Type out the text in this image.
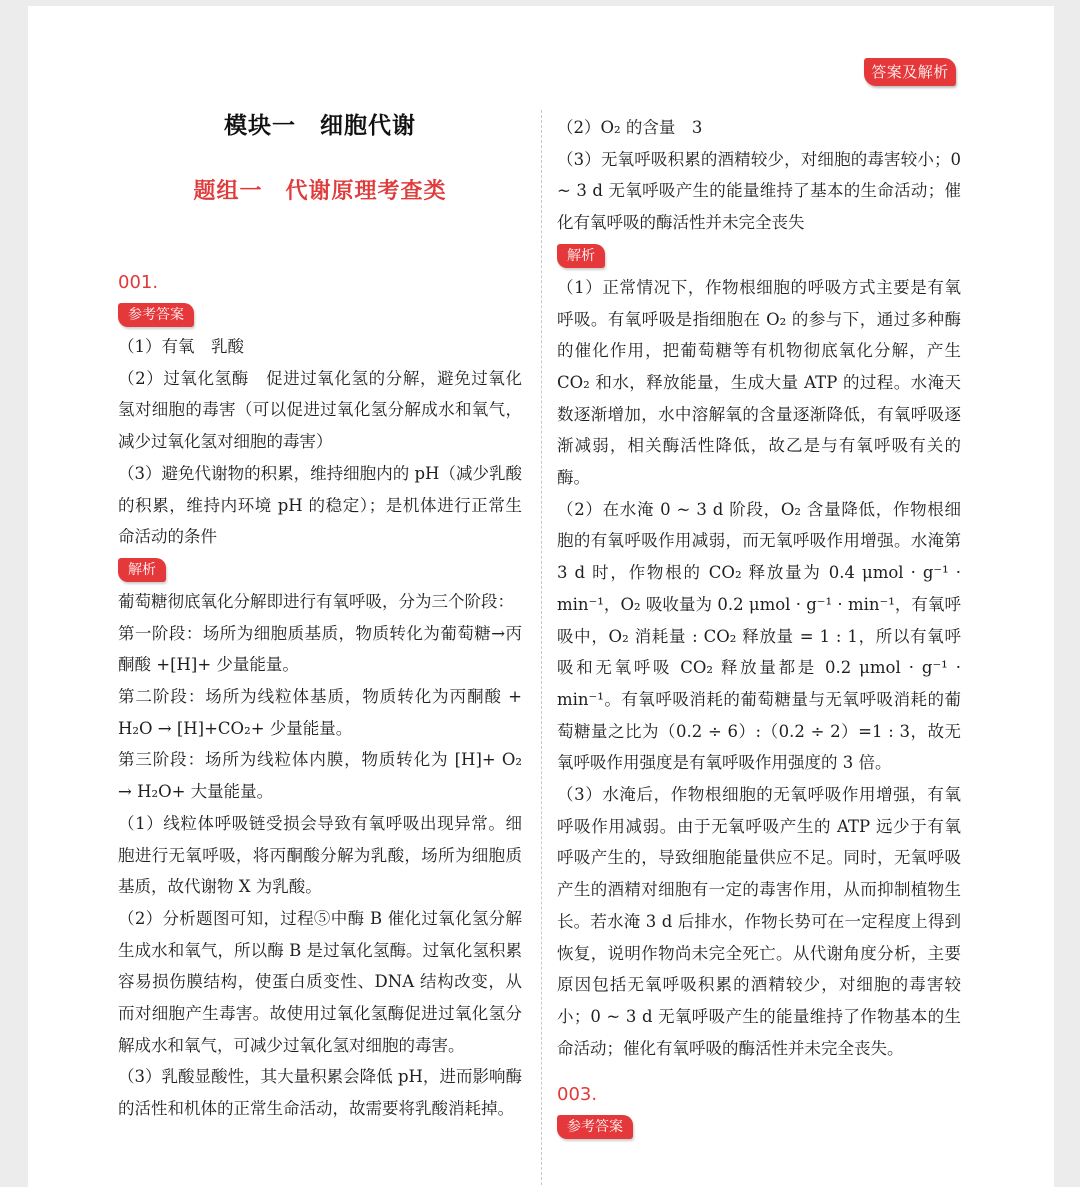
答案及解析
模块一　细胞代谢
题组一　代谢原理考查类
001.
参考答案

（1）有氧　乳酸

（2）过氧化氢酶　促进过氧化氢的分解，避免过氧化氢对细胞的毒害（可以促进过氧化氢分解成水和氧气，减少过氧化氢对细胞的毒害）

（3）避免代谢物的积累，维持细胞内的 pH（减少乳酸的积累，维持内环境 pH 的稳定）；是机体进行正常生命活动的条件

解析

葡萄糖彻底氧化分解即进行有氧呼吸，分为三个阶段：

第一阶段：场所为细胞质基质，物质转化为葡萄糖→丙酮酸 +[H]+ 少量能量。

第二阶段：场所为线粒体基质，物质转化为丙酮酸 + H₂O → [H]+CO₂+ 少量能量。

第三阶段：场所为线粒体内膜，物质转化为 [H]+ O₂ → H₂O+ 大量能量。

（1）线粒体呼吸链受损会导致有氧呼吸出现异常。细胞进行无氧呼吸，将丙酮酸分解为乳酸，场所为细胞质基质，故代谢物 X 为乳酸。

（2）分析题图可知，过程⑤中酶 B 催化过氧化氢分解生成水和氧气，所以酶 B 是过氧化氢酶。过氧化氢积累容易损伤膜结构，使蛋白质变性、DNA 结构改变，从而对细胞产生毒害。故使用过氧化氢酶促进过氧化氢分解成水和氧气，可减少过氧化氢对细胞的毒害。

（3）乳酸显酸性，其大量积累会降低 pH，进而影响酶的活性和机体的正常生命活动，故需要将乳酸消耗掉。

（2）O₂ 的含量　3

（3）无氧呼吸积累的酒精较少，对细胞的毒害较小；0 ~ 3 d 无氧呼吸产生的能量维持了基本的生命活动；催化有氧呼吸的酶活性并未完全丧失

解析

（1）正常情况下，作物根细胞的呼吸方式主要是有氧呼吸。有氧呼吸是指细胞在 O₂ 的参与下，通过多种酶的催化作用，把葡萄糖等有机物彻底氧化分解，产生 CO₂ 和水，释放能量，生成大量 ATP 的过程。水淹天数逐渐增加，水中溶解氧的含量逐渐降低，有氧呼吸逐渐减弱，相关酶活性降低，故乙是与有氧呼吸有关的酶。

（2）在水淹 0 ~ 3 d 阶段，O₂ 含量降低，作物根细胞的有氧呼吸作用减弱，而无氧呼吸作用增强。水淹第 3 d 时，作物根的 CO₂ 释放量为 0.4 μmol · g⁻¹ · min⁻¹，O₂ 吸收量为 0.2 μmol · g⁻¹ · min⁻¹，有氧呼吸中，O₂ 消耗量 : CO₂ 释放量 = 1 : 1，所以有氧呼吸和无氧呼吸 CO₂ 释放量都是 0.2 μmol · g⁻¹ · min⁻¹。有氧呼吸消耗的葡萄糖量与无氧呼吸消耗的葡萄糖量之比为（0.2 ÷ 6）:（0.2 ÷ 2）=1 : 3，故无氧呼吸作用强度是有氧呼吸作用强度的 3 倍。

（3）水淹后，作物根细胞的无氧呼吸作用增强，有氧呼吸作用减弱。由于无氧呼吸产生的 ATP 远少于有氧呼吸产生的，导致细胞能量供应不足。同时，无氧呼吸产生的酒精对细胞有一定的毒害作用，从而抑制植物生长。若水淹 3 d 后排水，作物长势可在一定程度上得到恢复，说明作物尚未完全死亡。从代谢角度分析，主要原因包括无氧呼吸积累的酒精较少，对细胞的毒害较小；0 ~ 3 d 无氧呼吸产生的能量维持了作物基本的生命活动；催化有氧呼吸的酶活性并未完全丧失。

003.
参考答案
